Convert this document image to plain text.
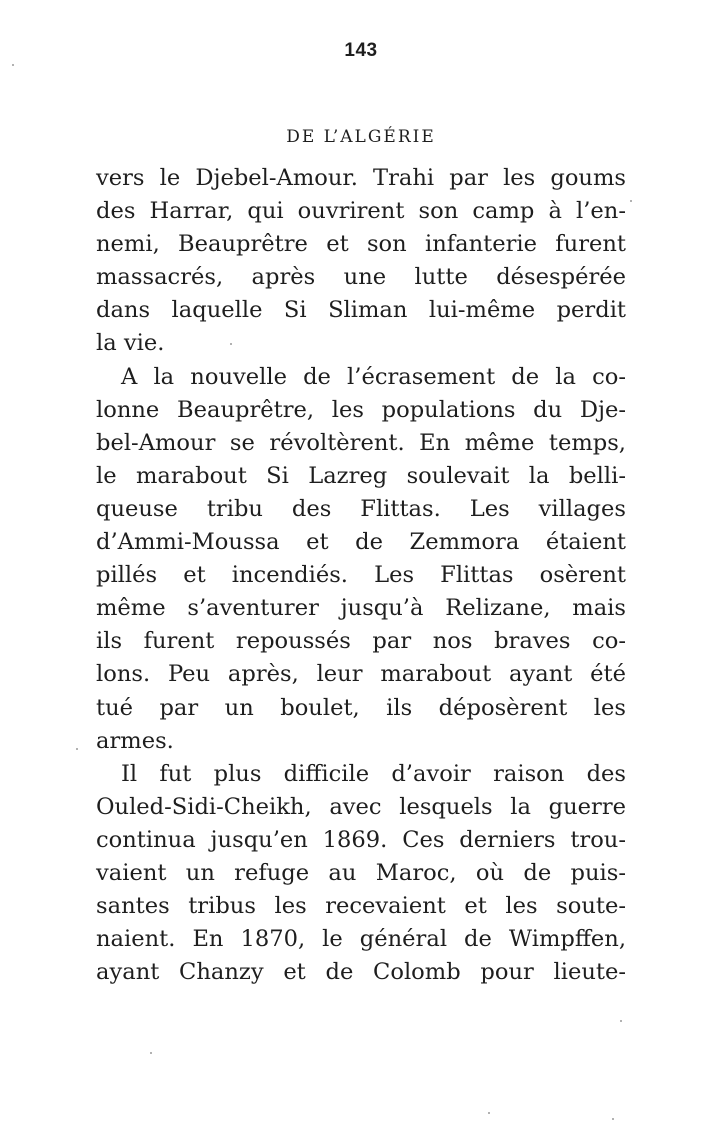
143
DE L’ALGÉRIE
vers le Djebel-Amour. Trahi par les goums
des Harrar, qui ouvrirent son camp à l’en-
nemi, Beauprêtre et son infanterie furent
massacrés, après une lutte désespérée
dans laquelle Si Sliman lui-même perdit
la vie.
A la nouvelle de l’écrasement de la co-
lonne Beauprêtre, les populations du Dje-
bel-Amour se révoltèrent. En même temps,
le marabout Si Lazreg soulevait la belli-
queuse tribu des Flittas. Les villages
d’Ammi-Moussa et de Zemmora étaient
pillés et incendiés. Les Flittas osèrent
même s’aventurer jusqu’à Relizane, mais
ils furent repoussés par nos braves co-
lons. Peu après, leur marabout ayant été
tué par un boulet, ils déposèrent les
armes.
Il fut plus difficile d’avoir raison des
Ouled-Sidi-Cheikh, avec lesquels la guerre
continua jusqu’en 1869. Ces derniers trou-
vaient un refuge au Maroc, où de puis-
santes tribus les recevaient et les soute-
naient. En 1870, le général de Wimpffen,
ayant Chanzy et de Colomb pour lieute-
